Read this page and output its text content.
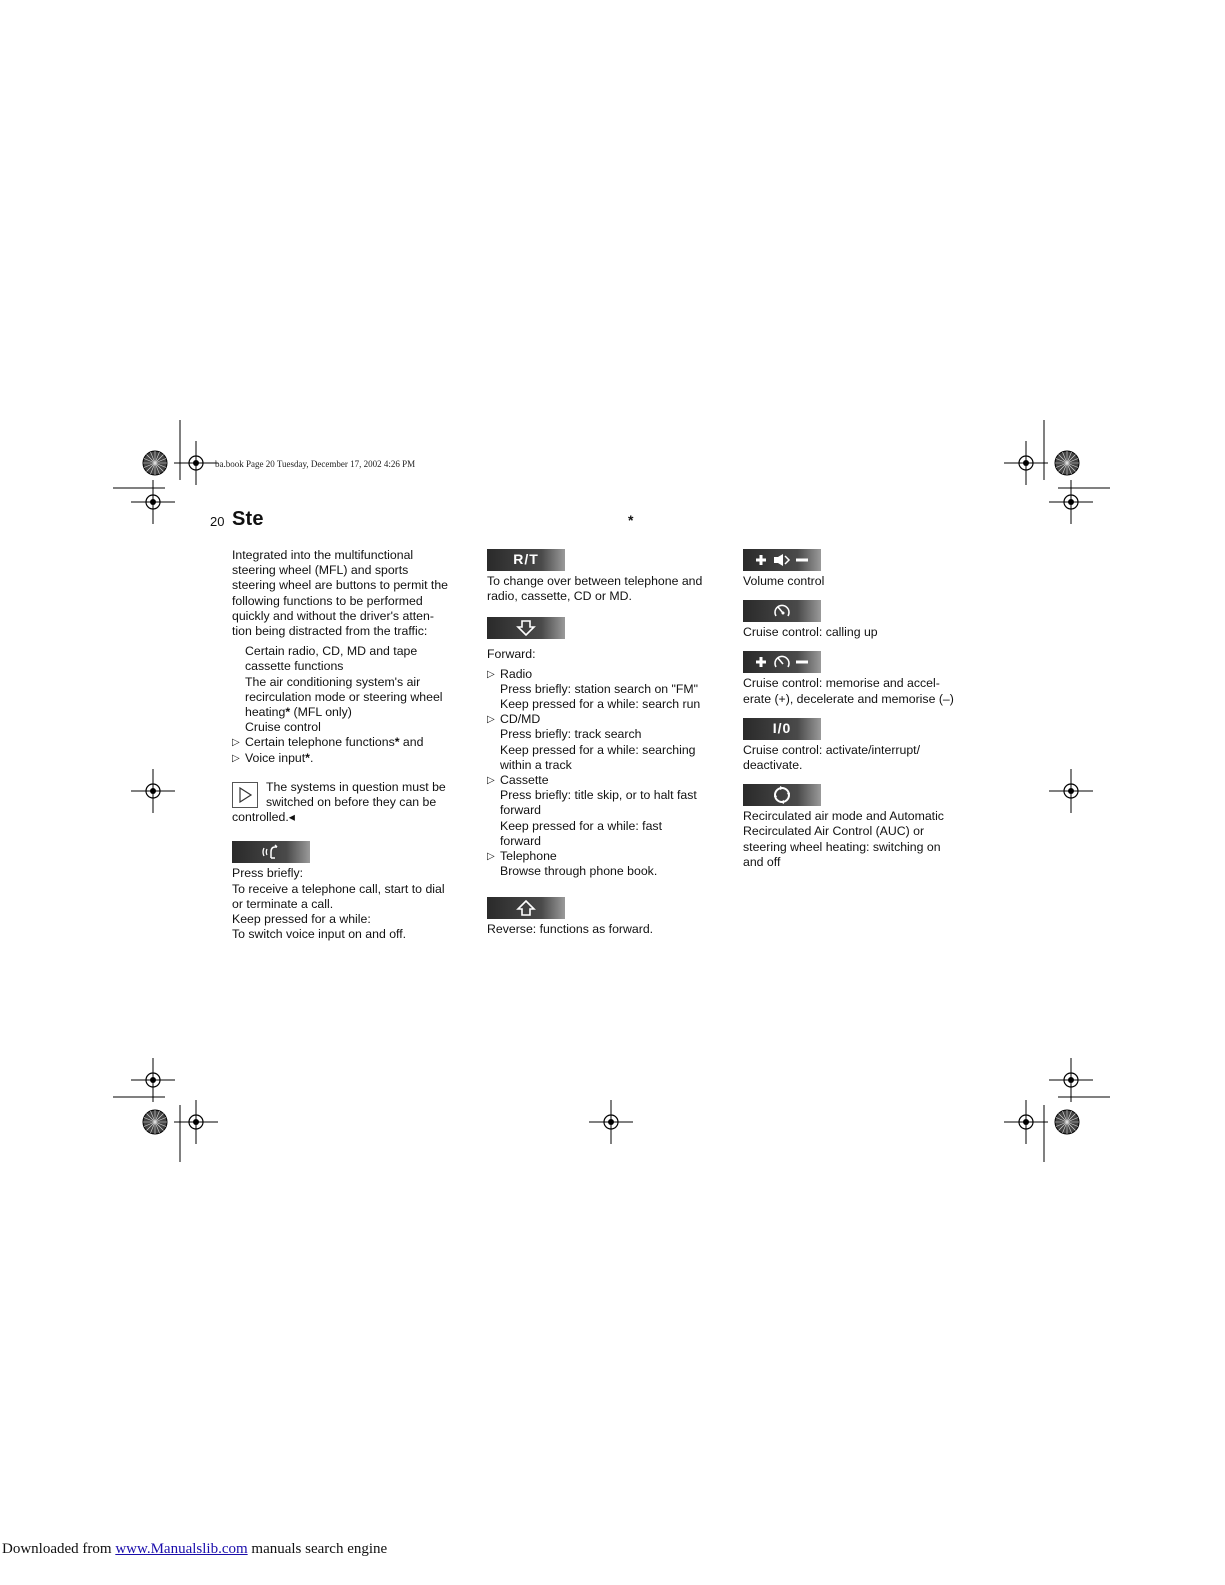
ba.book Page 20 Tuesday, December 17, 2002 4:26 PM
20 Ste	*

Integrated into the multifunctional
steering wheel (MFL) and sports
steering wheel are buttons to permit the
following functions to be performed
quickly and without the driver's atten-
tion being distracted from the traffic:

Certain radio, CD, MD and tape
cassette functions

The air conditioning system's air
recirculation mode or steering wheel
heating* (MFL only)

Cruise control

▷ Certain telephone functions* and

▷ Voice input*.

The systems in question must be
switched on before they can be
controlled.◂

Press briefly:
To receive a telephone call, start to dial
or terminate a call.
Keep pressed for a while:
To switch voice input on and off.

R/T

To change over between telephone and
radio, cassette, CD or MD.

Forward:

▷ Radio

Press briefly: station search on "FM"
Keep pressed for a while: search run

▷ CD/MD

Press briefly: track search
Keep pressed for a while: searching
within a track

▷ Cassette

Press briefly: title skip, or to halt fast
forward
Keep pressed for a while: fast
forward

▷ Telephone

Browse through phone book.

Reverse: functions as forward.

Volume control

Cruise control: calling up

Cruise control: memorise and accel-
erate (+), decelerate and memorise (–)

I/0

Cruise control: activate/interrupt/
deactivate.

Recirculated air mode and Automatic
Recirculated Air Control (AUC) or
steering wheel heating: switching on
and off

Downloaded from www.Manualslib.com manuals search engine
